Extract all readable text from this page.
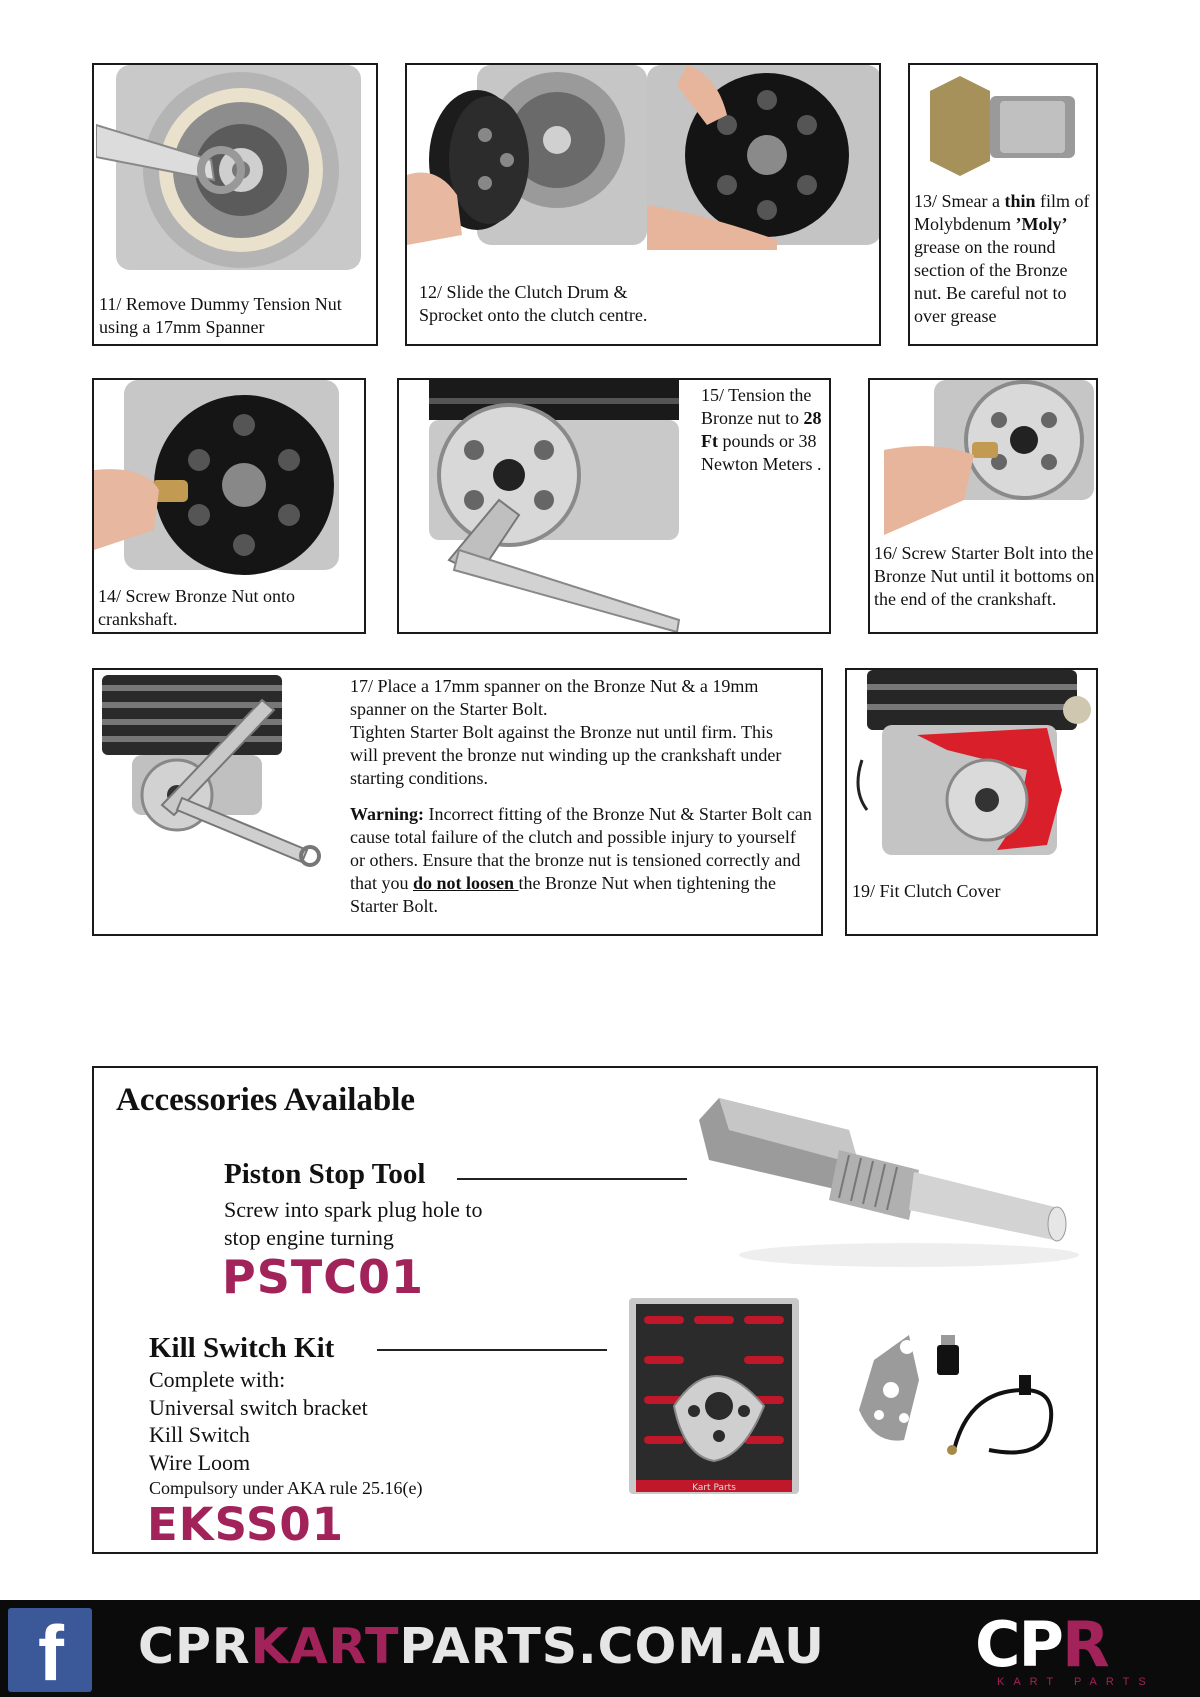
11/ Remove Dummy Tension Nut using a 17mm Spanner
12/ Slide the Clutch Drum & Sprocket onto the clutch centre.
13/ Smear a thin film of Molybdenum ’Moly’ grease on the round section of the Bronze nut. Be careful not to over grease
14/ Screw Bronze Nut onto crankshaft.
15/ Tension the Bronze nut to 28 Ft pounds or 38 Newton Meters .
16/ Screw Starter Bolt into the Bronze Nut until it bottoms on the end of the crankshaft.
17/ Place a 17mm spanner on the Bronze Nut & a 19mm spanner on the Starter Bolt.
Tighten Starter Bolt against the Bronze nut until firm. This will prevent the bronze nut winding up the crankshaft under starting conditions.
Warning: Incorrect fitting of the Bronze Nut & Starter Bolt can cause total failure of the clutch and possible injury to yourself or others. Ensure that the bronze nut is tensioned correctly and that you do not loosen the Bronze Nut when tightening the Starter Bolt.
19/ Fit Clutch Cover
Accessories Available
Piston Stop Tool
Screw into spark plug hole to
stop engine turning
PSTC01
Kill Switch Kit
Complete with:
Universal switch bracket
Kill Switch
Wire Loom
Compulsory under AKA rule 25.16(e)
EKSS01
Kart Parts
f CPRKARTPARTS.COM.AU CPR
KART PARTS
